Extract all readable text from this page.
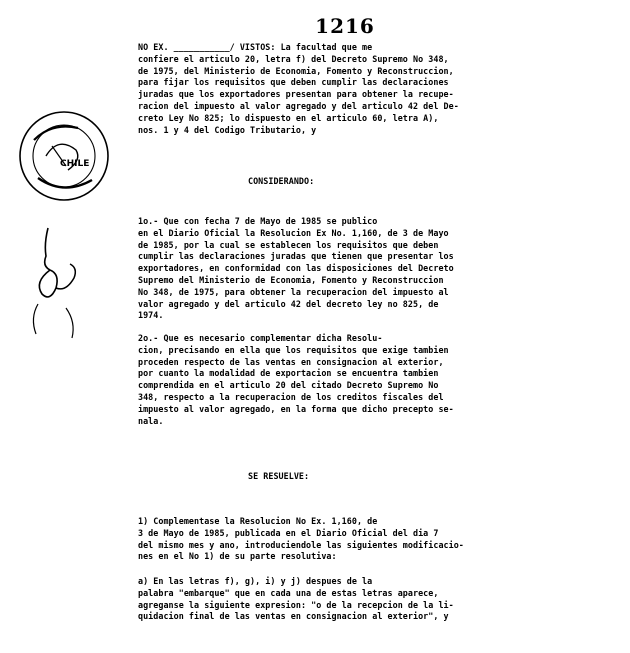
1216
CHILE
NO EX. ___________/ VISTOS: La facultad que me
confiere el articulo 20, letra f) del Decreto Supremo No 348,
de 1975, del Ministerio de Economia, Fomento y Reconstruccion,
para fijar los requisitos que deben cumplir las declaraciones
juradas que los exportadores presentan para obtener la recupe-
racion del impuesto al valor agregado y del articulo 42 del De-
creto Ley No 825; lo dispuesto en el articulo 60, letra A),
nos. 1 y 4 del Codigo Tributario, y
CONSIDERANDO:
1o.- Que con fecha 7 de Mayo de 1985 se publico
en el Diario Oficial la Resolucion Ex No. 1,160, de 3 de Mayo
de 1985, por la cual se establecen los requisitos que deben
cumplir las declaraciones juradas que tienen que presentar los
exportadores, en conformidad con las disposiciones del Decreto
Supremo del Ministerio de Economia, Fomento y Reconstruccion
No 348, de 1975, para obtener la recuperacion del impuesto al
valor agregado y del articulo 42 del decreto ley no 825, de
1974.
2o.- Que es necesario complementar dicha Resolu-
cion, precisando en ella que los requisitos que exige tambien
proceden respecto de las ventas en consignacion al exterior,
por cuanto la modalidad de exportacion se encuentra tambien
comprendida en el articulo 20 del citado Decreto Supremo No
348, respecto a la recuperacion de los creditos fiscales del
impuesto al valor agregado, en la forma que dicho precepto se-
nala.
SE RESUELVE:
1) Complementase la Resolucion No Ex. 1,160, de
3 de Mayo de 1985, publicada en el Diario Oficial del dia 7
del mismo mes y ano, introduciendole las siguientes modificacio-
nes en el No 1) de su parte resolutiva:
a) En las letras f), g), i) y j) despues de la
palabra "embarque" que en cada una de estas letras aparece,
agreganse la siguiente expresion: "o de la recepcion de la li-
quidacion final de las ventas en consignacion al exterior", y
